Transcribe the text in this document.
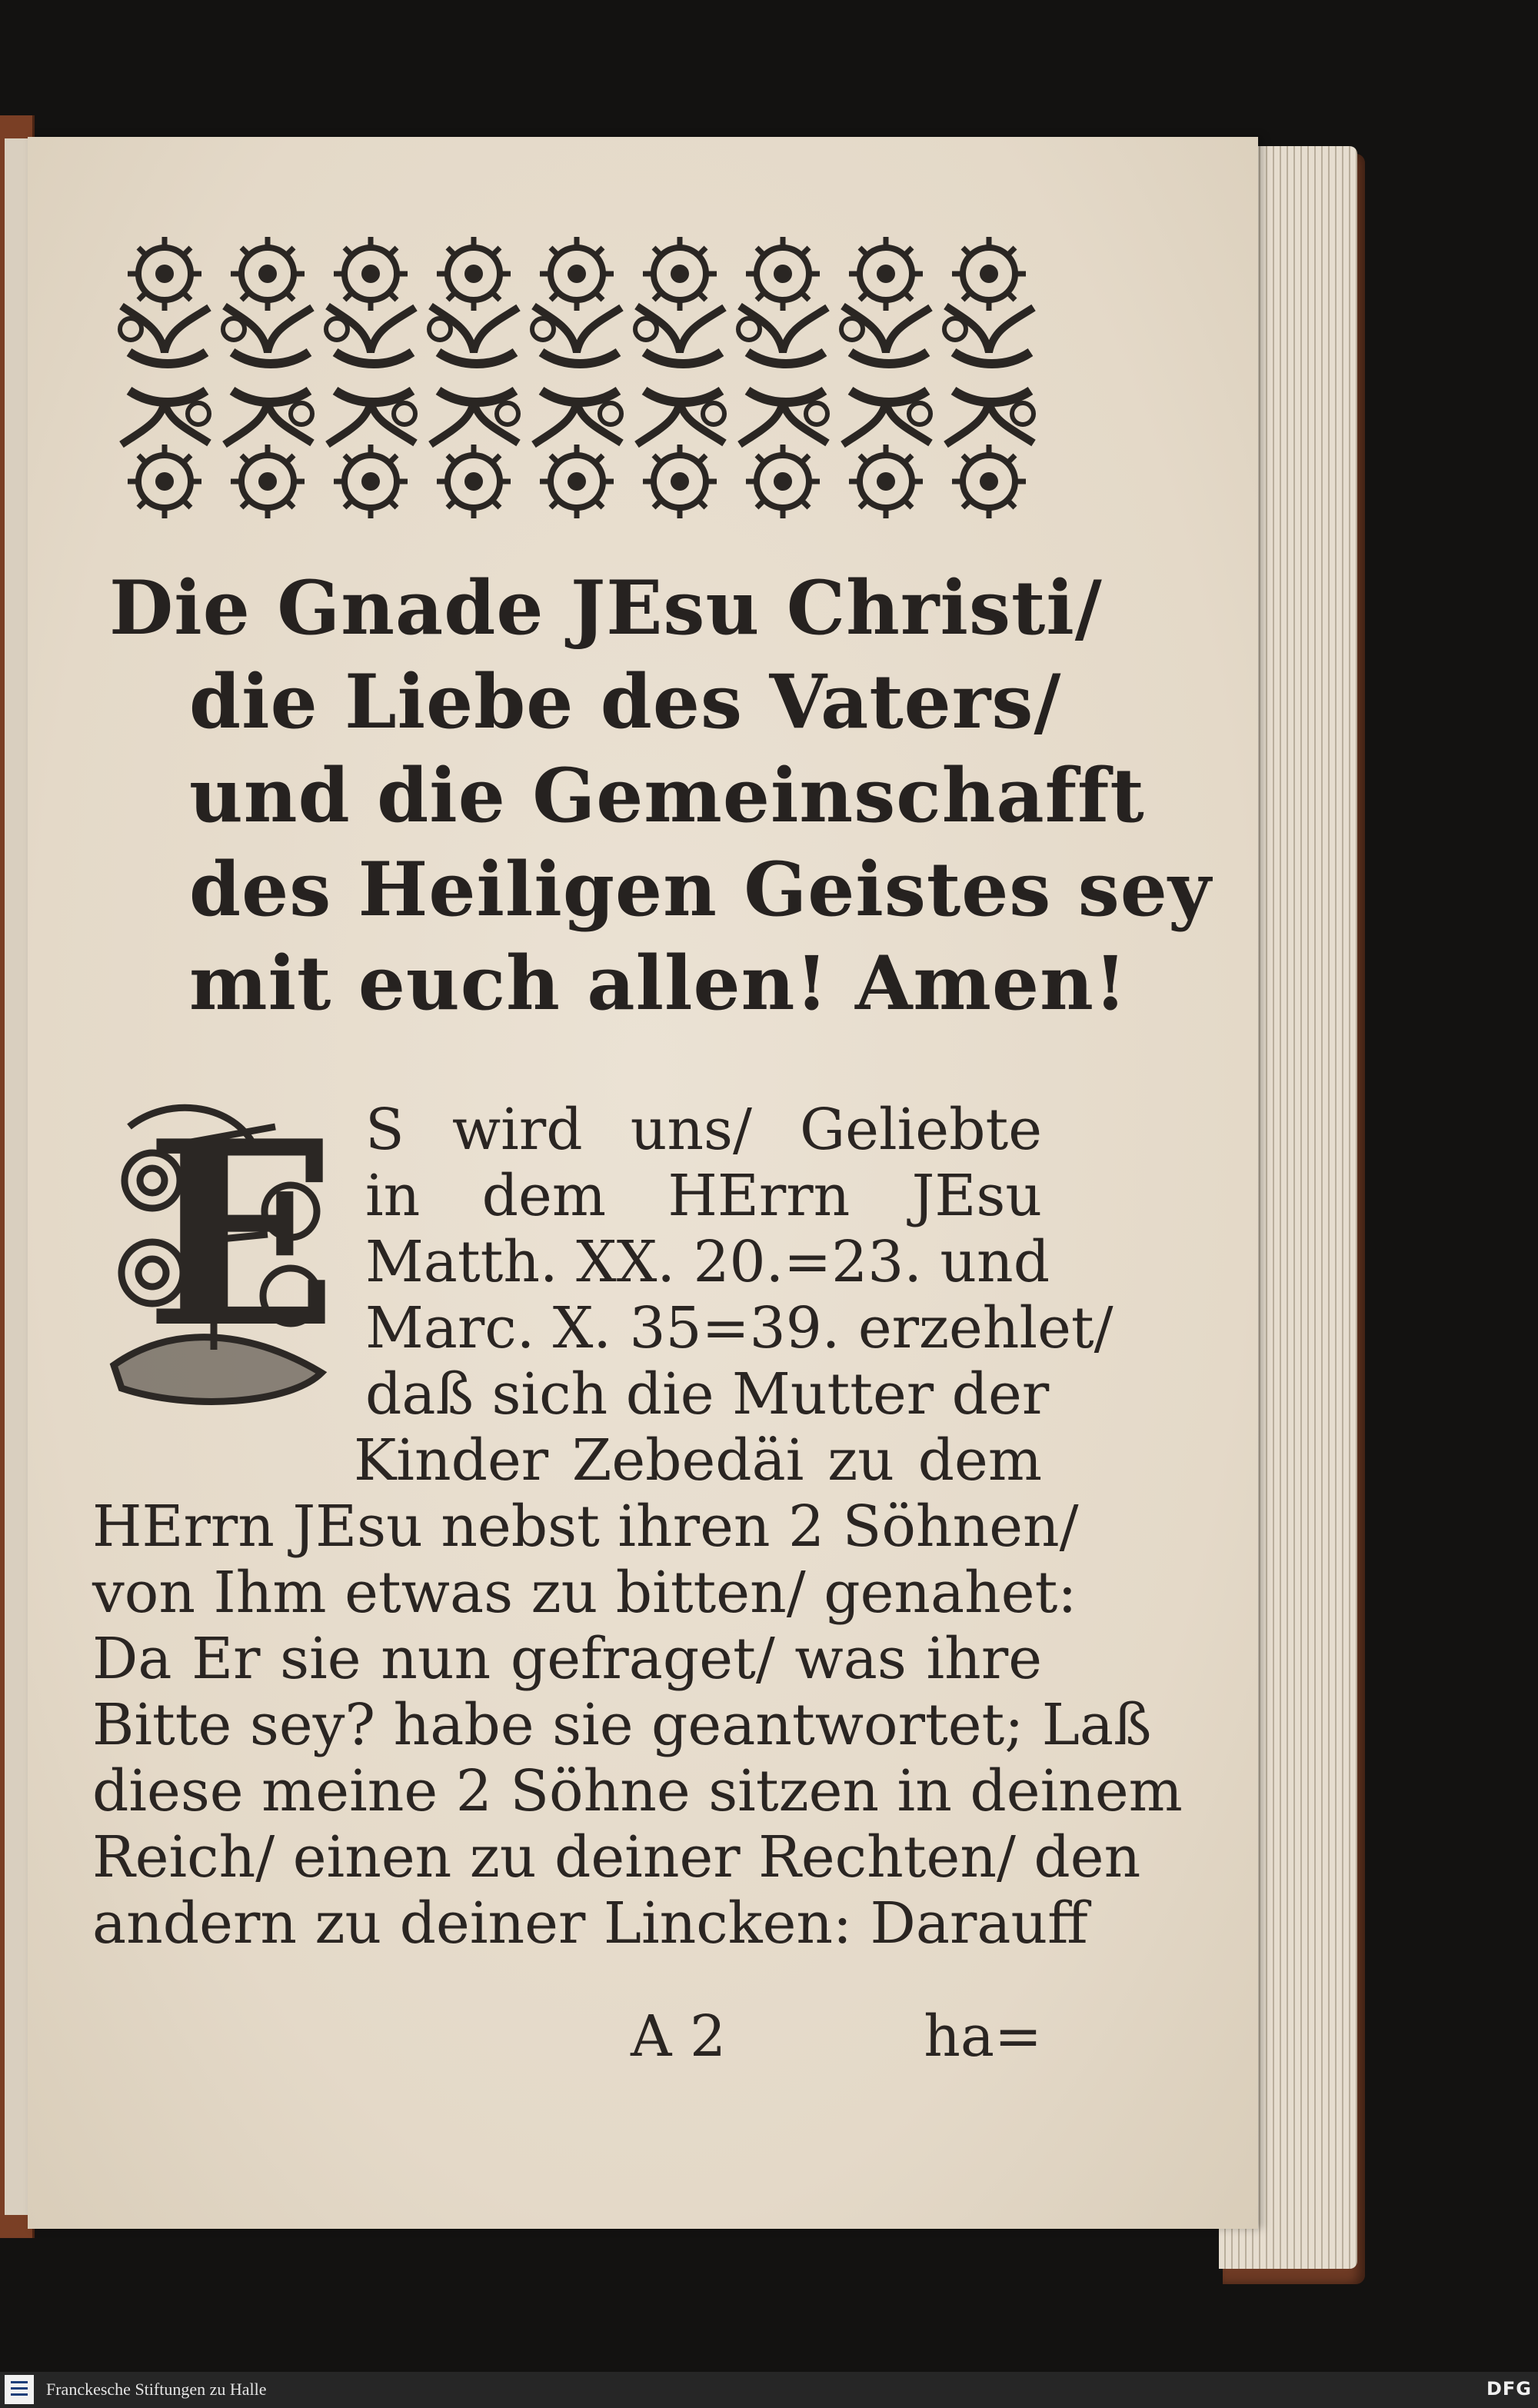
Die Gnade JEsu Christi/
die Liebe des Vaters/
und die Gemeinschafft
des Heiligen Geistes sey
mit euch allen! Amen!
E S wird uns/ Geliebte
in dem HErrn JEsu
Matth. XX. 20.=23. und
Marc. X. 35=39. erzehlet/
daß sich die Mutter der
Kinder Zebedäi zu dem
HErrn JEsu nebst ihren 2 Söhnen/
von Ihm etwas zu bitten/ genahet:
Da Er sie nun gefraget/ was ihre
Bitte sey? habe sie geantwortet; Laß
diese meine 2 Söhne sitzen in deinem
Reich/ einen zu deiner Rechten/ den
andern zu deiner Lincken: Darauff
A 2	ha=
Franckesche Stiftungen zu Halle	DFG
